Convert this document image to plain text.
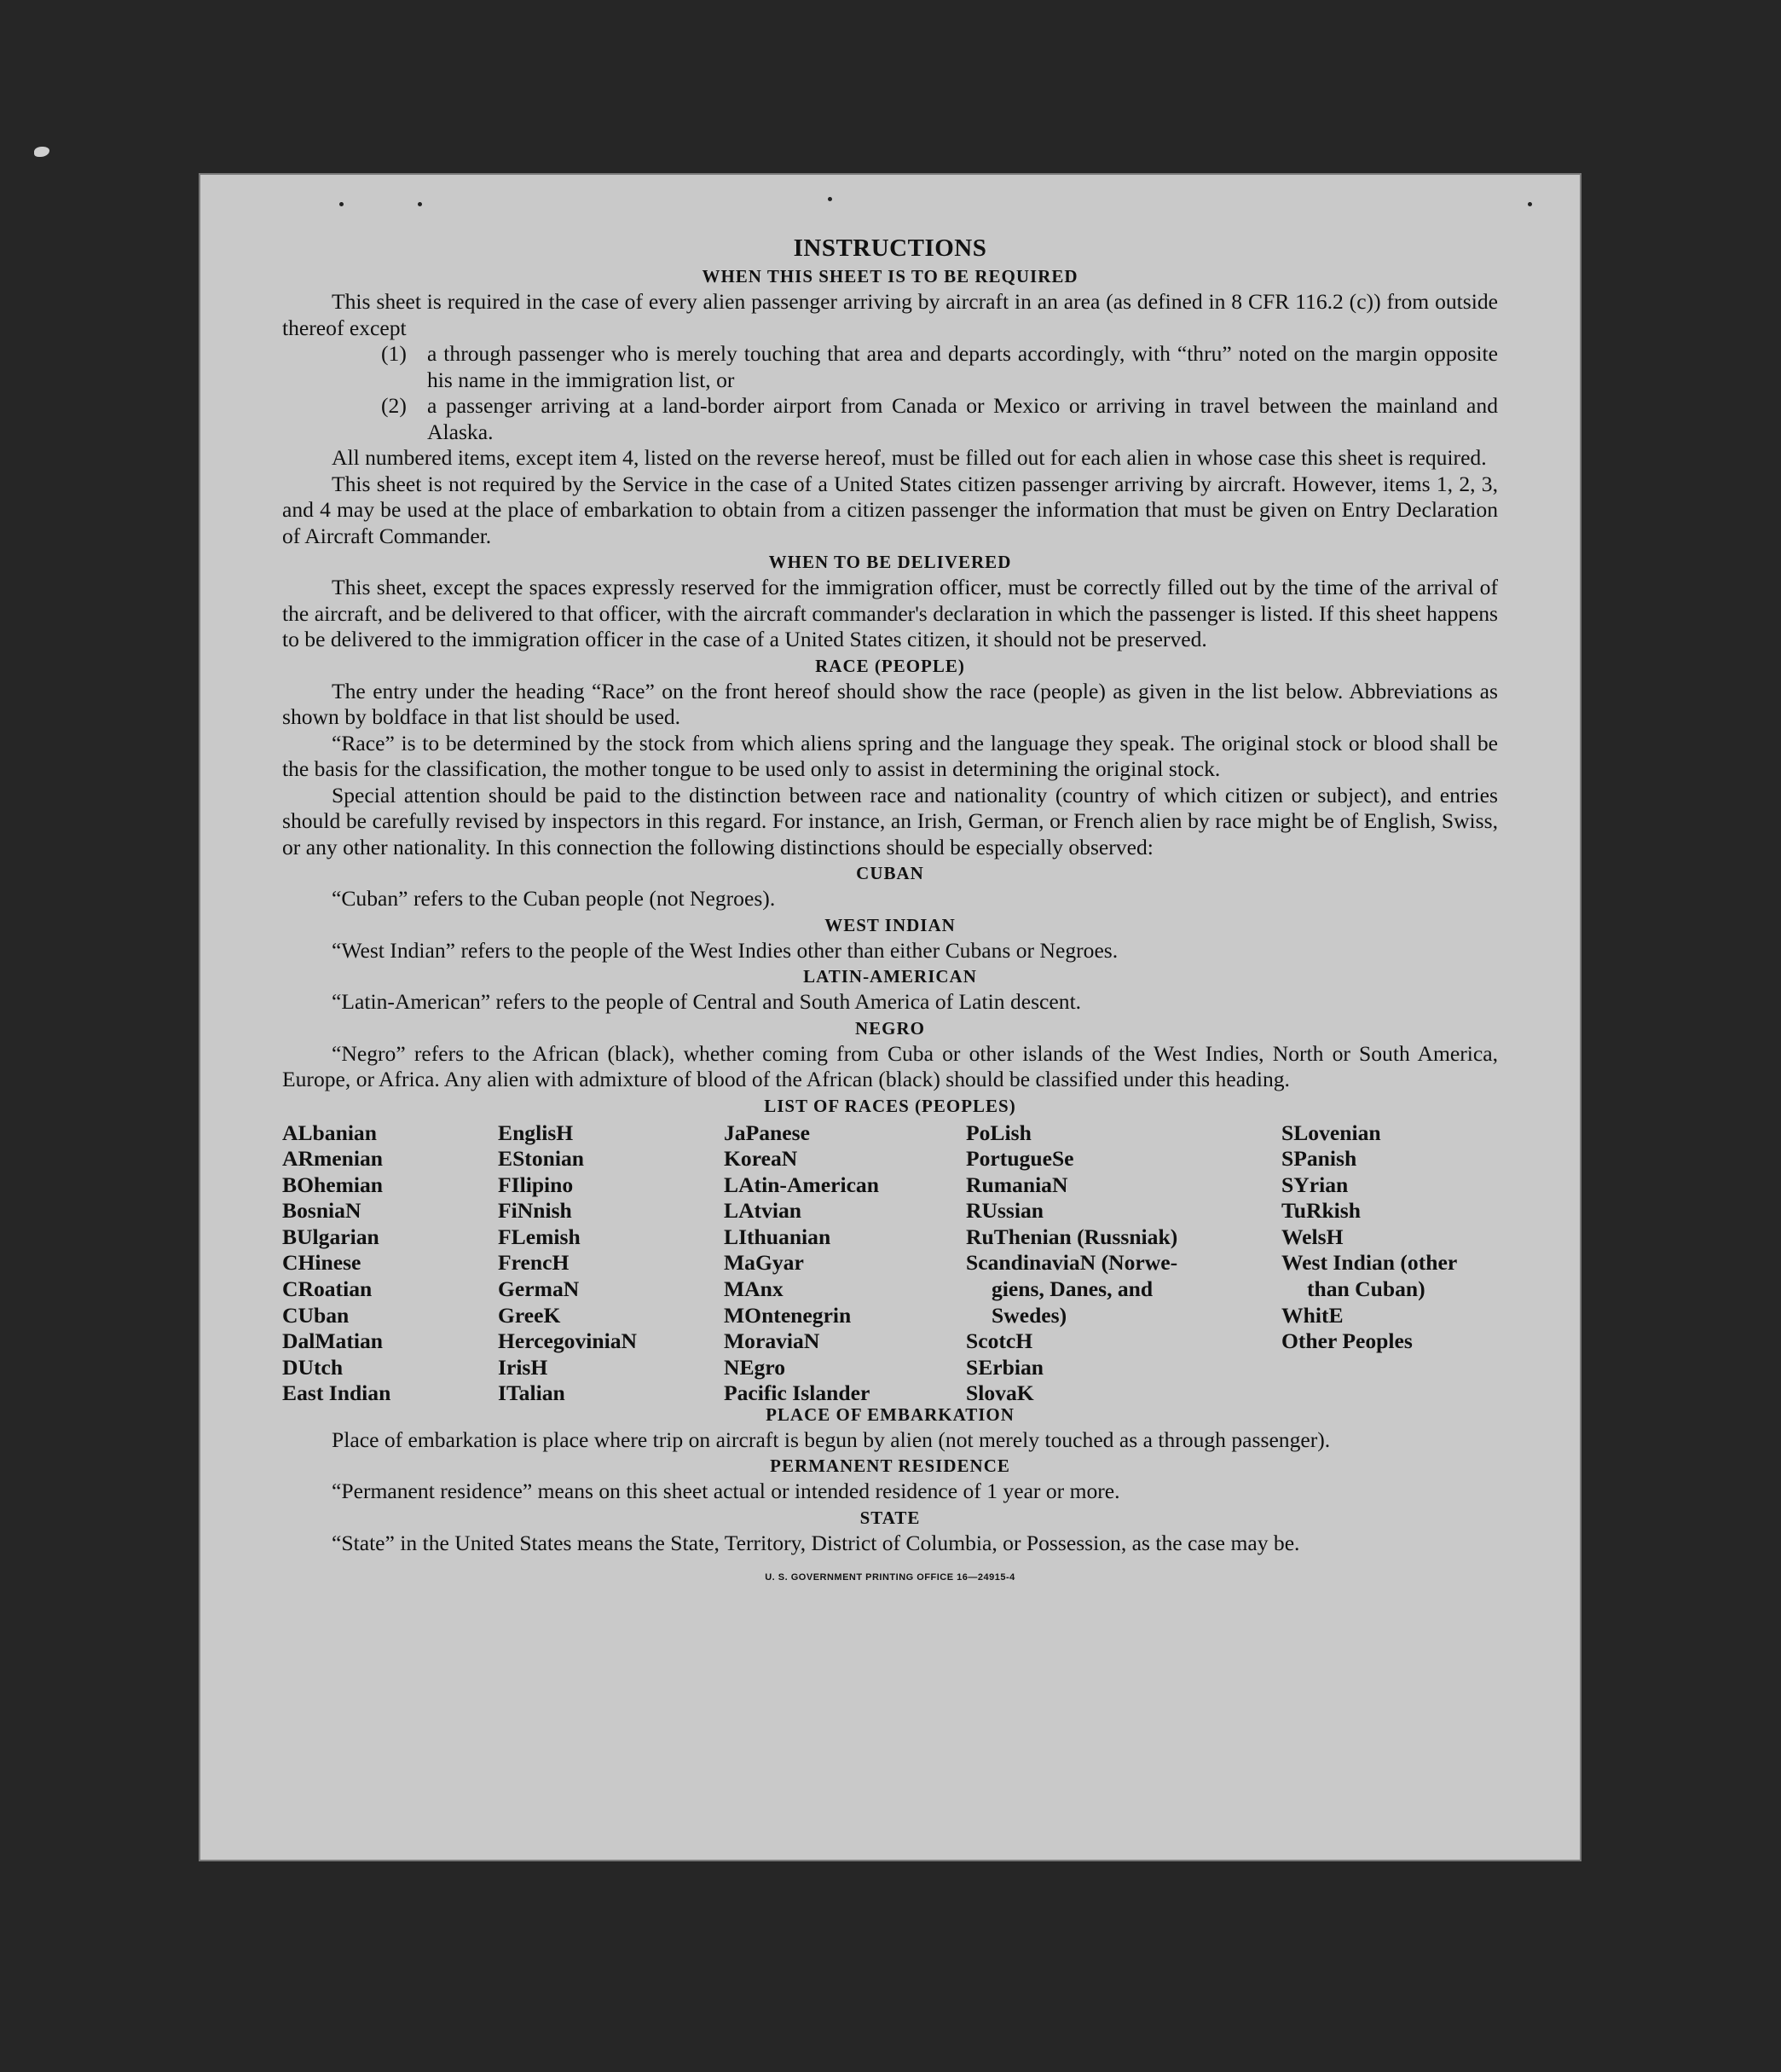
INSTRUCTIONS
WHEN THIS SHEET IS TO BE REQUIRED

This sheet is required in the case of every alien passenger arriving by aircraft in an area (as defined in 8 CFR 116.2 (c)) from outside thereof except

(1) a through passenger who is merely touching that area and departs accordingly, with “thru” noted on the margin opposite his name in the immigration list, or
(2) a passenger arriving at a land-border airport from Canada or Mexico or arriving in travel between the mainland and Alaska.

All numbered items, except item 4, listed on the reverse hereof, must be filled out for each alien in whose case this sheet is required.

This sheet is not required by the Service in the case of a United States citizen passenger arriving by aircraft. However, items 1, 2, 3, and 4 may be used at the place of embarkation to obtain from a citizen passenger the information that must be given on Entry Declaration of Aircraft Commander.

WHEN TO BE DELIVERED

This sheet, except the spaces expressly reserved for the immigration officer, must be correctly filled out by the time of the arrival of the aircraft, and be delivered to that officer, with the aircraft commander's declaration in which the passenger is listed. If this sheet happens to be delivered to the immigration officer in the case of a United States citizen, it should not be preserved.

RACE (PEOPLE)

The entry under the heading “Race” on the front hereof should show the race (people) as given in the list below. Abbreviations as shown by boldface in that list should be used.

“Race” is to be determined by the stock from which aliens spring and the language they speak. The original stock or blood shall be the basis for the classification, the mother tongue to be used only to assist in determining the original stock.

Special attention should be paid to the distinction between race and nationality (country of which citizen or subject), and entries should be carefully revised by inspectors in this regard. For instance, an Irish, German, or French alien by race might be of English, Swiss, or any other nationality. In this connection the following distinctions should be especially observed:

CUBAN

“Cuban” refers to the Cuban people (not Negroes).

WEST INDIAN

“West Indian” refers to the people of the West Indies other than either Cubans or Negroes.

LATIN-AMERICAN

“Latin-American” refers to the people of Central and South America of Latin descent.

NEGRO

“Negro” refers to the African (black), whether coming from Cuba or other islands of the West Indies, North or South America, Europe, or Africa. Any alien with admixture of blood of the African (black) should be classified under this heading.

LIST OF RACES (PEOPLES)
ALbanian
ARmenian
BOhemian
BosniaN
BUlgarian
CHinese
CRoatian
CUban
DalMatian
DUtch
East Indian
EnglisH
EStonian
FIlipino
FiNnish
FLemish
FrencH
GermaN
GreeK
HercegoviniaN
IrisH
ITalian
JaPanese
KoreaN
LAtin-American
LAtvian
LIthuanian
MaGyar
MAnx
MOntenegrin
MoraviaN
NEgro
Pacific Islander
PoLish
PortugueSe
RumaniaN
RUssian
RuThenian (Russniak)
ScandinaviaN (Norwe-
giens, Danes, and
Swedes)
ScotcH
SErbian
SlovaK
SLovenian
SPanish
SYrian
TuRkish
WelsH
West Indian (other
than Cuban)
WhitE
Other Peoples
PLACE OF EMBARKATION

Place of embarkation is place where trip on aircraft is begun by alien (not merely touched as a through passenger).

PERMANENT RESIDENCE

“Permanent residence” means on this sheet actual or intended residence of 1 year or more.

STATE

“State” in the United States means the State, Territory, District of Columbia, or Possession, as the case may be.

U. S. GOVERNMENT PRINTING OFFICE 16—24915-4
